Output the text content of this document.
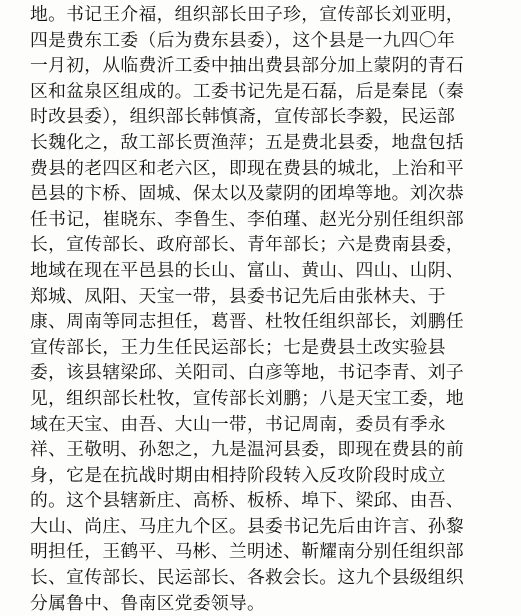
地。书记王介福，组织部长田子珍，宣传部长刘亚明，
四是费东工委（后为费东县委），这个县是一九四〇年
一月初，从临费沂工委中抽出费县部分加上蒙阴的青石
区和盆泉区组成的。工委书记先是石磊，后是秦昆（秦
时改县委），组织部长韩慎斋，宣传部长李毅，民运部
长魏化之，敌工部长贾渔萍；五是费北县委，地盘包括
费县的老四区和老六区，即现在费县的城北，上治和平
邑县的卞桥、固城、保太以及蒙阴的团埠等地。刘次恭
任书记，崔晓东、李鲁生、李伯瑾、赵光分别任组织部
长，宣传部长、政府部长、青年部长；六是费南县委，
地域在现在平邑县的长山、富山、黄山、四山、山阴、
郑城、凤阳、天宝一带，县委书记先后由张林夫、于
康、周南等同志担任，葛晋、杜牧任组织部长，刘鹏任
宣传部长，王力生任民运部长；七是费县土改实验县
委，该县辖梁邱、关阳司、白彦等地，书记李青、刘子
见，组织部长杜牧，宣传部长刘鹏；八是天宝工委，地
域在天宝、由吾、大山一带，书记周南，委员有季永
祥、王敬明、孙恕之，九是温河县委，即现在费县的前
身，它是在抗战时期由相持阶段转入反攻阶段时成立
的。这个县辖新庄、高桥、板桥、埠下、梁邱、由吾、
大山、尚庄、马庄九个区。县委书记先后由许言、孙黎
明担任，王鹤平、马彬、兰明述、靳耀南分别任组织部
长、宣传部长、民运部长、各救会长。这九个县级组织
分属鲁中、鲁南区党委领导。
